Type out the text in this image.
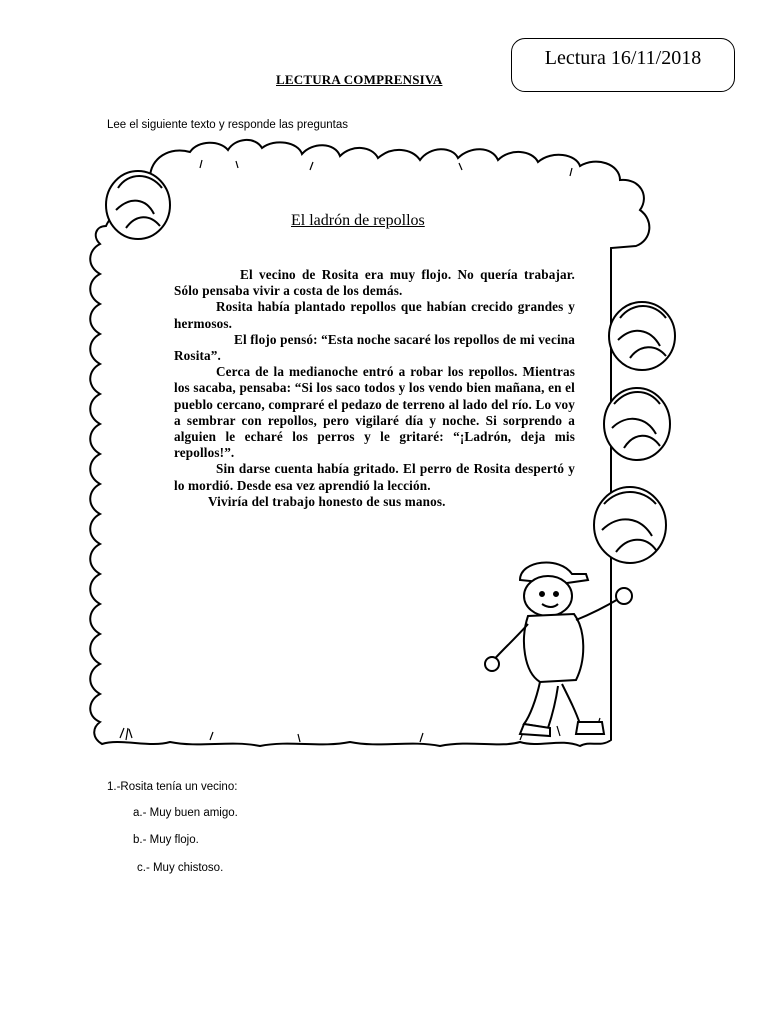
Lectura 16/11/2018
LECTURA COMPRENSIVA
Lee el siguiente texto y responde las preguntas
El ladrón de repollos

El vecino de Rosita era muy flojo. No quería trabajar. Sólo pensaba vivir a costa de los demás.

Rosita había plantado repollos que habían crecido grandes y hermosos.

El flojo pensó: “Esta noche sacaré los repollos de mi vecina Rosita”.

Cerca de la medianoche entró a robar los repollos. Mientras los sacaba, pensaba: “Si los saco todos y los vendo bien mañana, en el pueblo cercano, compraré el pedazo de terreno al lado del río. Lo voy a sembrar con repollos, pero vigilaré día y noche. Si sorprendo a alguien le echaré los perros y le gritaré: “¡Ladrón, deja mis repollos!”.

Sin darse cuenta había gritado. El perro de Rosita despertó y lo mordió. Desde esa vez aprendió la lección.

Viviría del trabajo honesto de sus manos.

1.-Rosita tenía un vecino:
a.- Muy buen amigo.
b.- Muy flojo.
c.- Muy chistoso.
